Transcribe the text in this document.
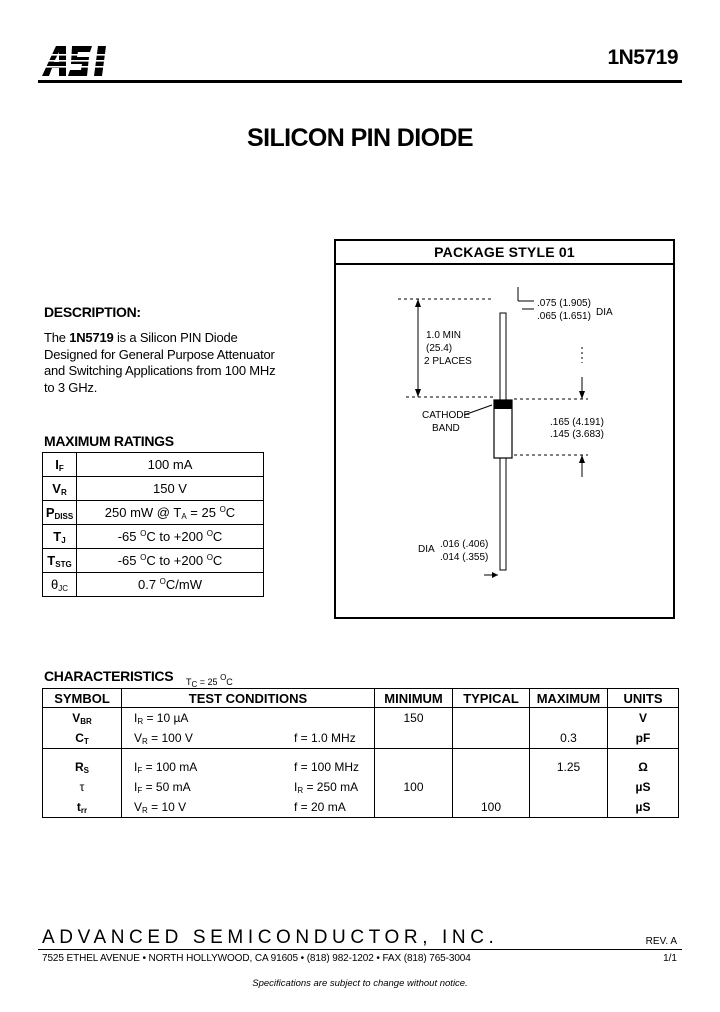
1N5719
SILICON PIN DIODE
PACKAGE STYLE 01
.075 (1.905)
.065 (1.651) DIA
1.0 MIN
(25.4)
2 PLACES
.165 (4.191)
.145 (3.683)
CATHODE
BAND
DIA .016 (.406)
.014 (.355)
DESCRIPTION:
The 1N5719 is a Silicon PIN Diode Designed for General Purpose Attenuator and Switching Applications from 100 MHz to 3 GHz.
MAXIMUM RATINGS
$I_F$	100 mA
$V_R$	150 V
$P_{DISS}$	250 mW @ $T_A = 25$ $^O$C
$T_J$	-65 $^O$C to +200 $^O$C
$T_{STG}$	-65 $^O$C to +200 $^O$C
$\theta_{JC}$	0.7 $^O$C/mW
CHARACTERISTICS $T_C = 25$ $^O$C
SYMBOL	TEST CONDITIONS	MINIMUM	TYPICAL	MAXIMUM	UNITS
$V_{BR}$	$I_R = 10$ µA	150			V
$C_T$	$V_R = 100$ V f = 1.0 MHz			0.3	pF

$R_S$	$I_F = 100$ mA f = 100 MHz			1.25	Ω
τ	$I_F = 50$ mA $I_R = 250$ mA	100			µS
$t_{rr}$	$V_R = 10$ V f = 20 mA		100		µS
ADVANCED SEMICONDUCTOR, INC.	REV. A
7525 ETHEL AVENUE • NORTH HOLLYWOOD, CA 91605 • (818) 982-1202 • FAX (818) 765-3004	1/1
Specifications are subject to change without notice.
